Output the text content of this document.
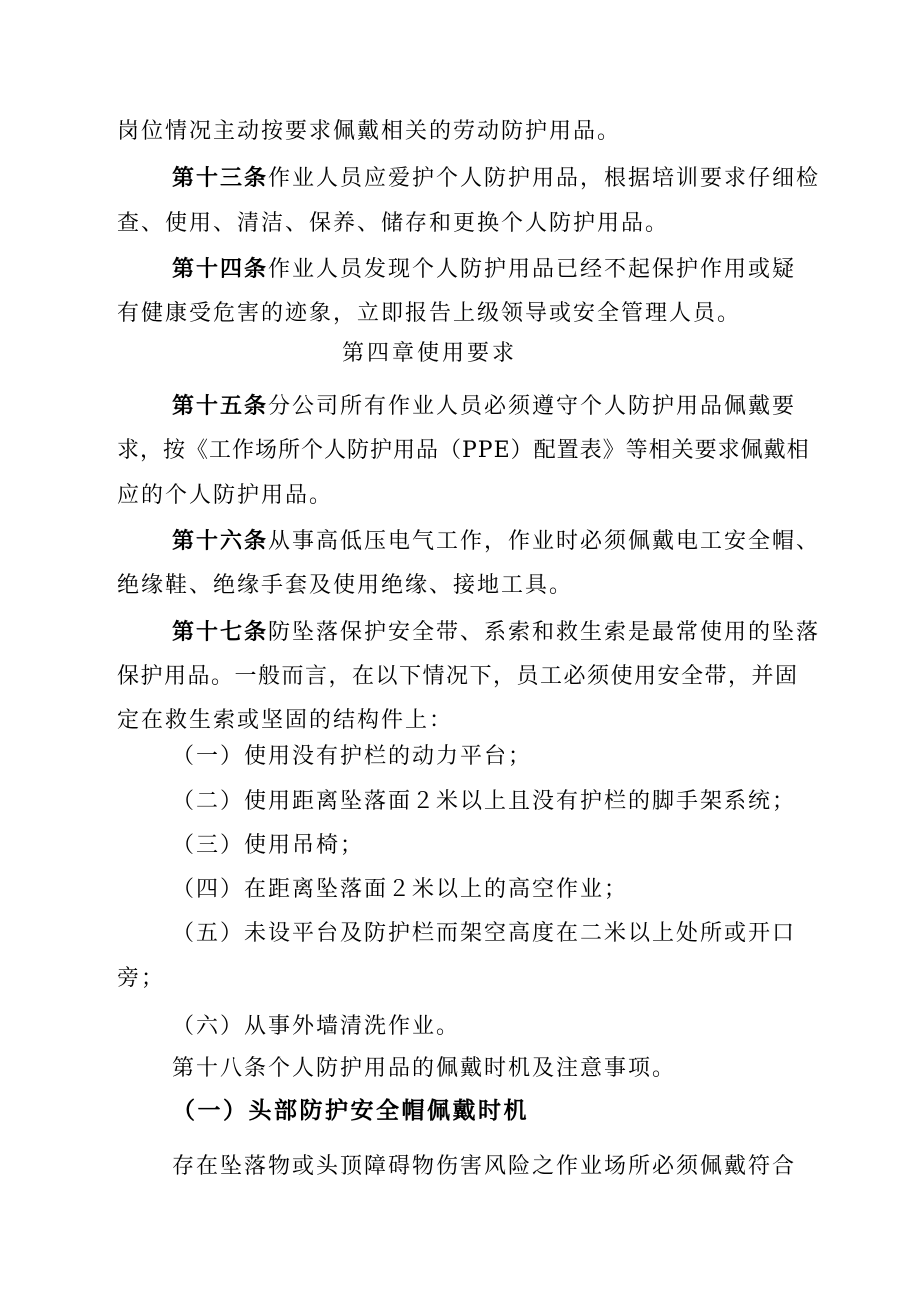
岗位情况主动按要求佩戴相关的劳动防护用品。
第十三条作业人员应爱护个人防护用品，根据培训要求仔细检
查、使用、清洁、保养、储存和更换个人防护用品。
第十四条作业人员发现个人防护用品已经不起保护作用或疑
有健康受危害的迹象，立即报告上级领导或安全管理人员。
第四章使用要求
第十五条分公司所有作业人员必须遵守个人防护用品佩戴要
求，按《工作场所个人防护用品（PPE）配置表》等相关要求佩戴相
应的个人防护用品。
第十六条从事高低压电气工作，作业时必须佩戴电工安全帽、
绝缘鞋、绝缘手套及使用绝缘、接地工具。
第十七条防坠落保护安全带、系索和救生索是最常使用的坠落
保护用品。一般而言，在以下情况下，员工必须使用安全带，并固
定在救生索或坚固的结构件上：
（一）使用没有护栏的动力平台；
（二）使用距离坠落面２米以上且没有护栏的脚手架系统；
（三）使用吊椅；
（四）在距离坠落面２米以上的高空作业；
（五）未设平台及防护栏而架空高度在二米以上处所或开口
旁；
（六）从事外墙清洗作业。
第十八条个人防护用品的佩戴时机及注意事项。
（一）头部防护安全帽佩戴时机
存在坠落物或头顶障碍物伤害风险之作业场所必须佩戴符合
